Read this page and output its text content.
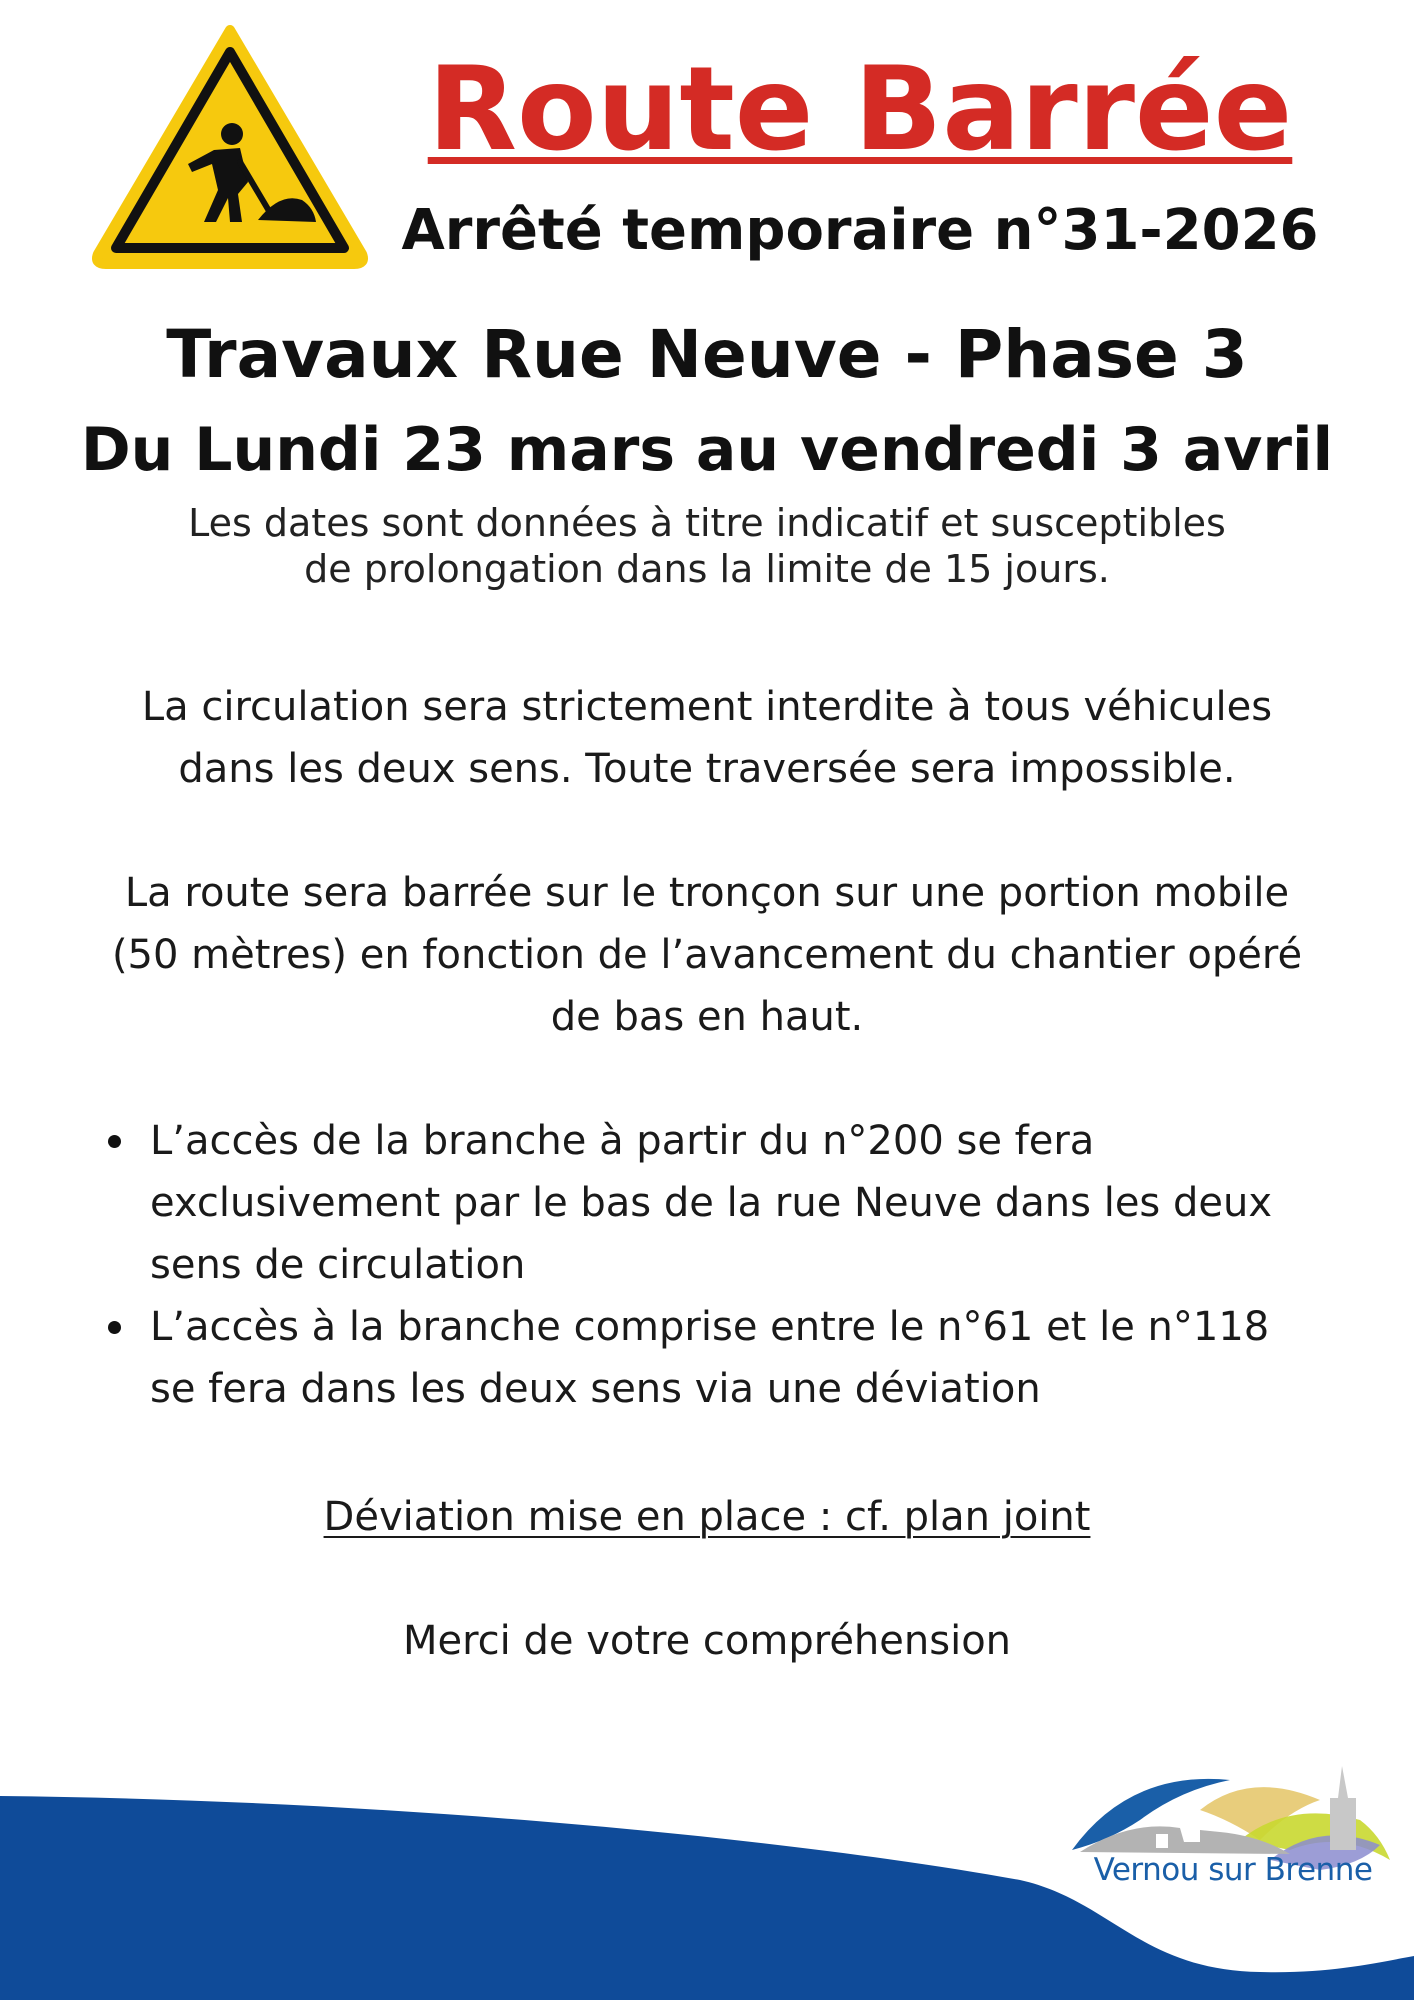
Route Barrée
Arrêté temporaire n°31-2026
Travaux Rue Neuve - Phase 3
Du Lundi 23 mars au vendredi 3 avril
Les dates sont données à titre indicatif et susceptibles
de prolongation dans la limite de 15 jours.
La circulation sera strictement interdite à tous véhicules
dans les deux sens. Toute traversée sera impossible.
La route sera barrée sur le tronçon sur une portion mobile
(50 mètres) en fonction de l’avancement du chantier opéré
de bas en haut.
L’accès de la branche à partir du n°200 se fera
exclusivement par le bas de la rue Neuve dans les deux
sens de circulation
L’accès à la branche comprise entre le n°61 et le n°118
se fera dans les deux sens via une déviation
Déviation mise en place : cf. plan joint
Merci de votre compréhension
Vernou sur Brenne
